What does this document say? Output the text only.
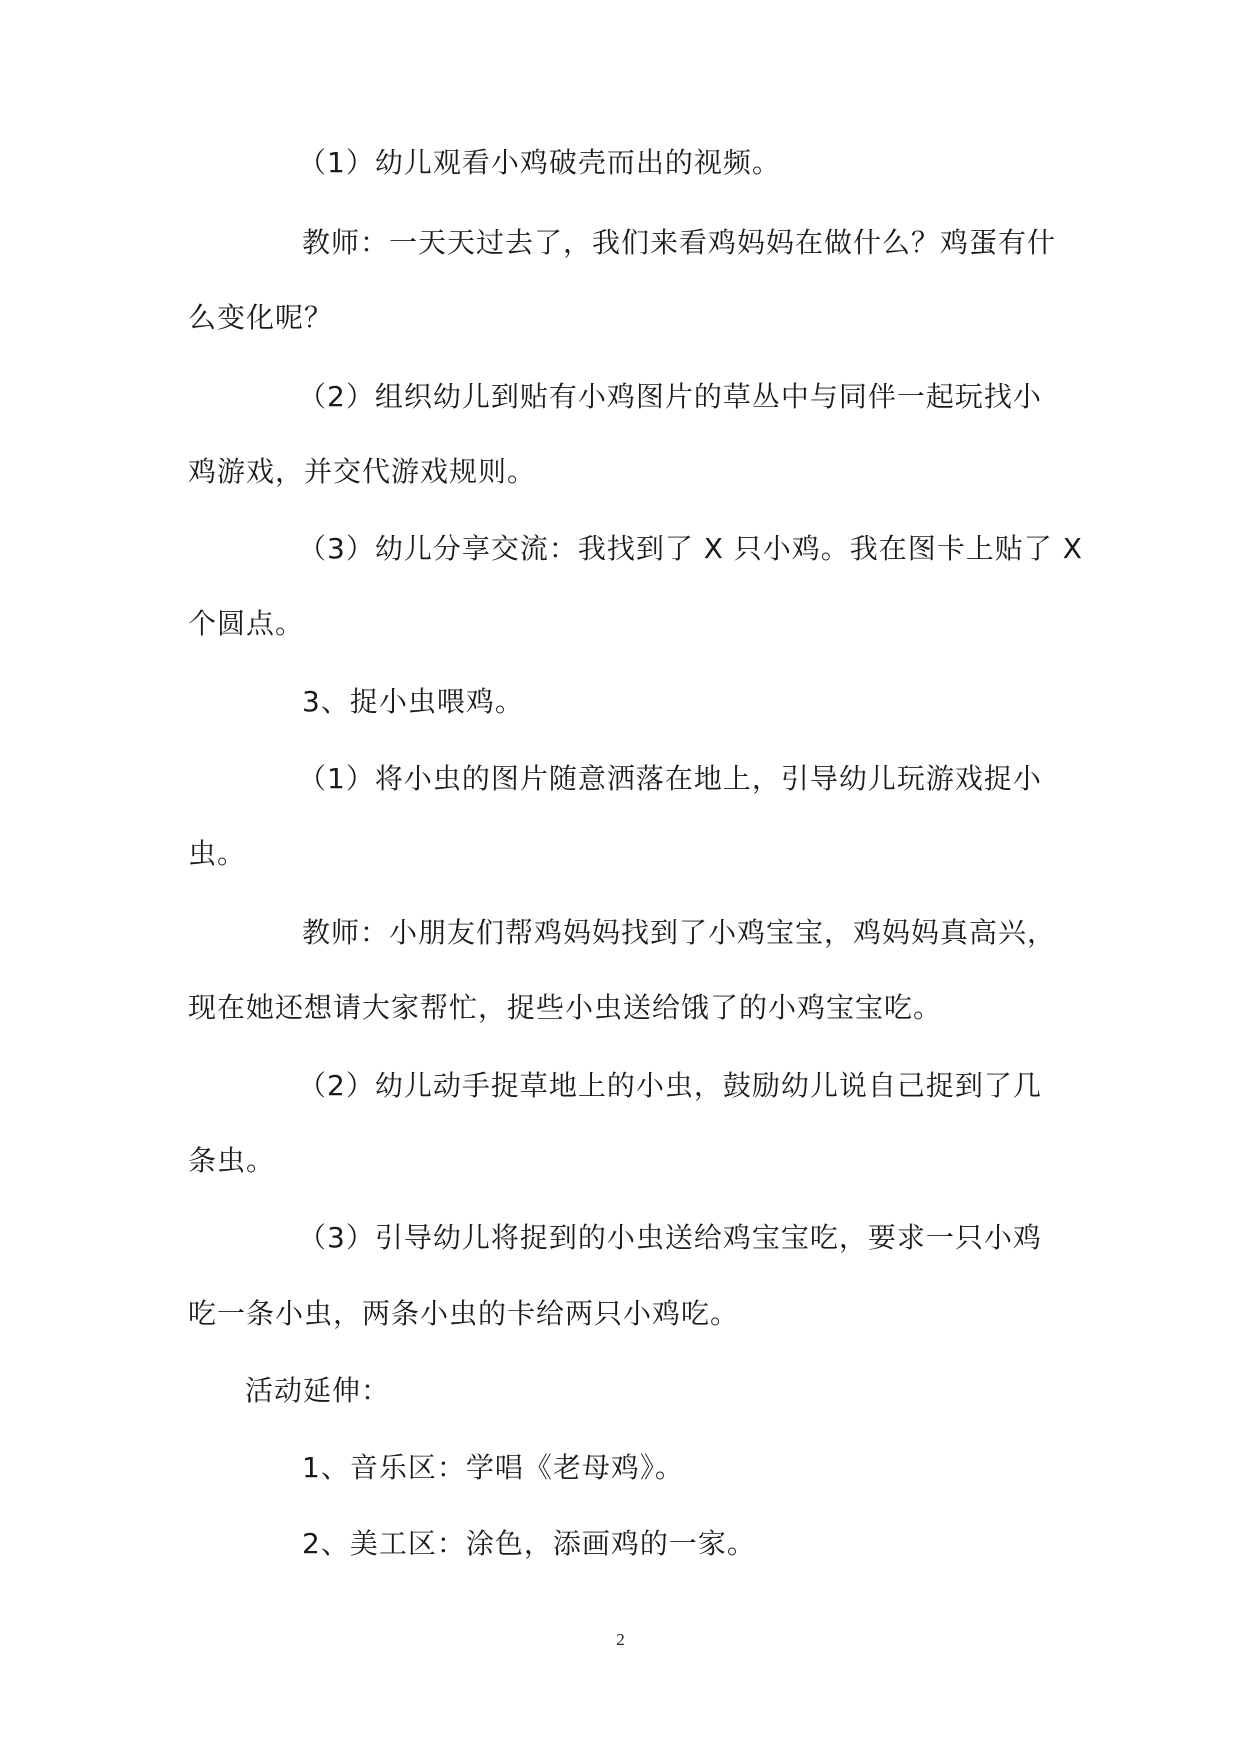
（1）幼儿观看小鸡破壳而出的视频。
教师：一天天过去了，我们来看鸡妈妈在做什么？鸡蛋有什
么变化呢？
（2）组织幼儿到贴有小鸡图片的草丛中与同伴一起玩找小
鸡游戏，并交代游戏规则。
（3）幼儿分享交流：我找到了 X 只小鸡。我在图卡上贴了 X
个圆点。
3、捉小虫喂鸡。
（1）将小虫的图片随意洒落在地上，引导幼儿玩游戏捉小
虫。
教师：小朋友们帮鸡妈妈找到了小鸡宝宝，鸡妈妈真高兴，
现在她还想请大家帮忙，捉些小虫送给饿了的小鸡宝宝吃。
（2）幼儿动手捉草地上的小虫，鼓励幼儿说自己捉到了几
条虫。
（3）引导幼儿将捉到的小虫送给鸡宝宝吃，要求一只小鸡
吃一条小虫，两条小虫的卡给两只小鸡吃。
活动延伸：
1、音乐区：学唱《老母鸡》。
2、美工区：涂色，添画鸡的一家。
2
